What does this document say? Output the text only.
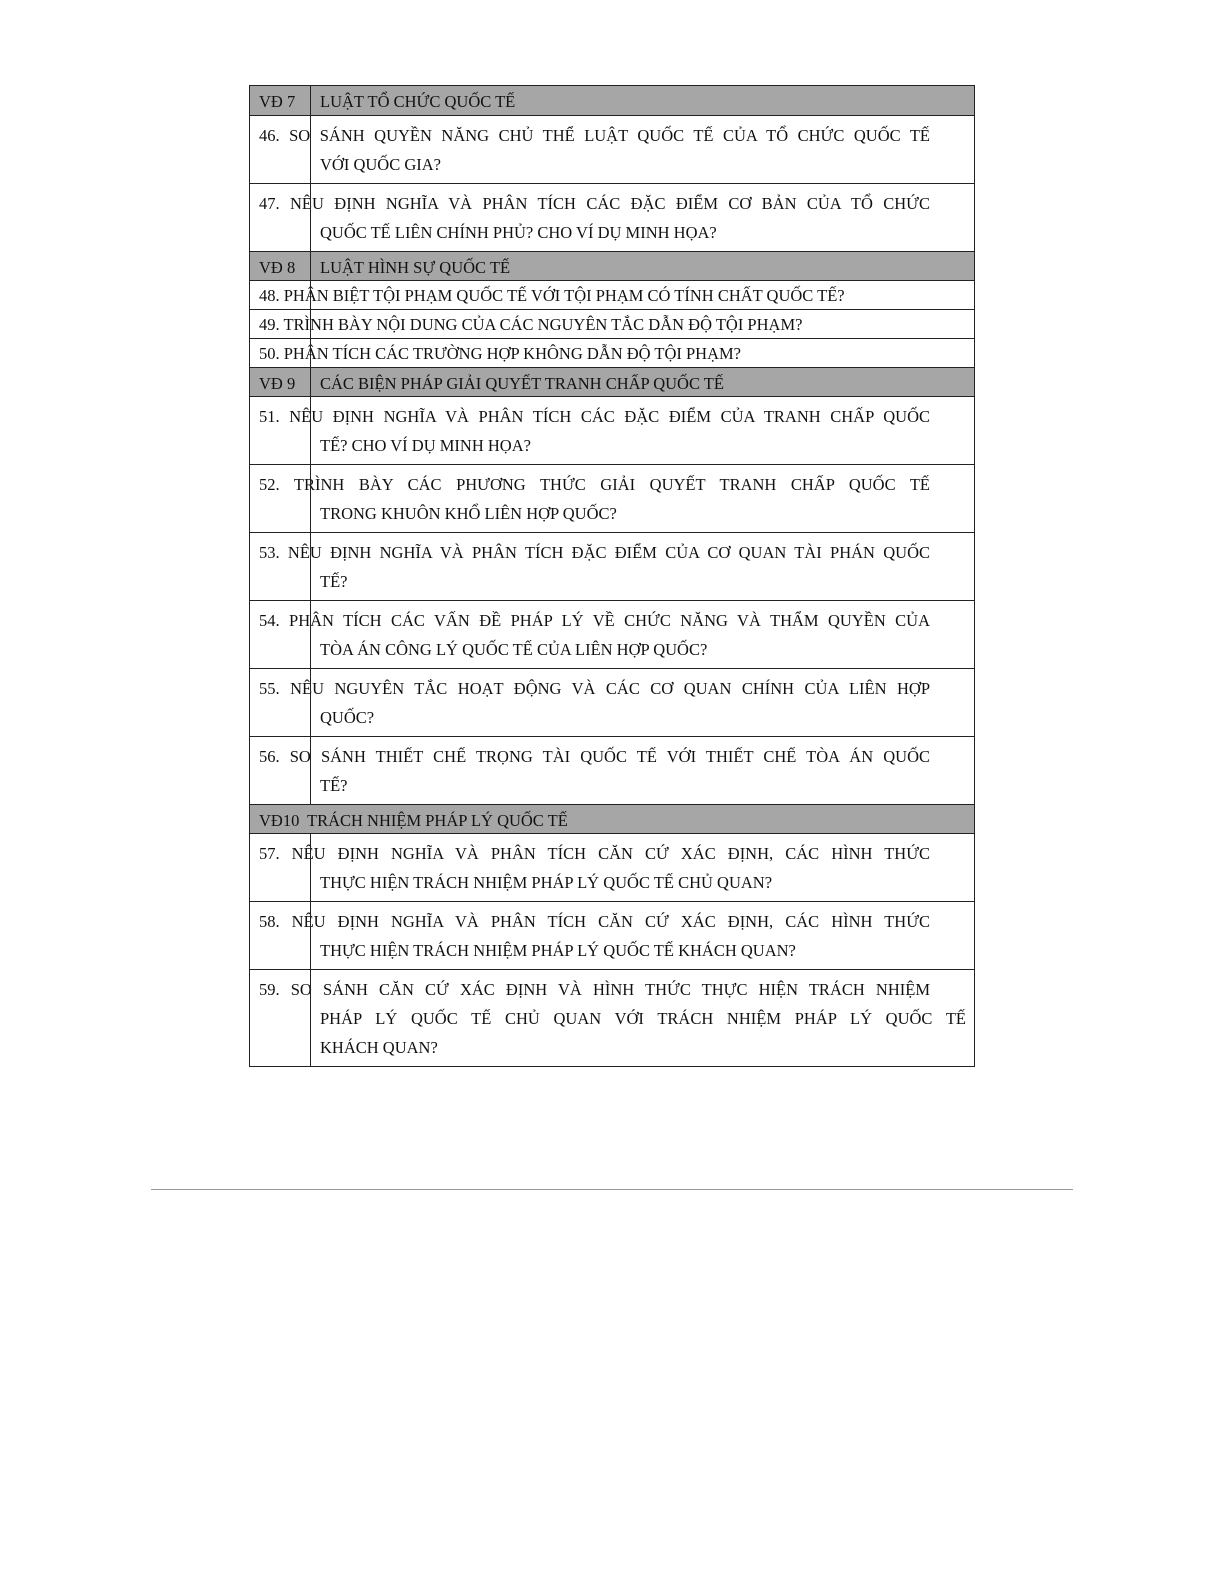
VĐ 7 LUẬT TỔ CHỨC QUỐC TẾ
46. SO SÁNH QUYỀN NĂNG CHỦ THỂ LUẬT QUỐC TẾ CỦA TỔ CHỨC QUỐC TẾ
VỚI QUỐC GIA?
47. NÊU ĐỊNH NGHĨA VÀ PHÂN TÍCH CÁC ĐẶC ĐIỂM CƠ BẢN CỦA TỔ CHỨC
QUỐC TẾ LIÊN CHÍNH PHỦ? CHO VÍ DỤ MINH HỌA?
VĐ 8 LUẬT HÌNH SỰ QUỐC TẾ
48. PHÂN BIỆT TỘI PHẠM QUỐC TẾ VỚI TỘI PHẠM CÓ TÍNH CHẤT QUỐC TẾ?
49. TRÌNH BÀY NỘI DUNG CỦA CÁC NGUYÊN TẮC DẪN ĐỘ TỘI PHẠM?
50. PHÂN TÍCH CÁC TRƯỜNG HỢP KHÔNG DẪN ĐỘ TỘI PHẠM?
VĐ 9 CÁC BIỆN PHÁP GIẢI QUYẾT TRANH CHẤP QUỐC TẾ
51. NÊU ĐỊNH NGHĨA VÀ PHÂN TÍCH CÁC ĐẶC ĐIỂM CỦA TRANH CHẤP QUỐC
TẾ? CHO VÍ DỤ MINH HỌA?
52. TRÌNH BÀY CÁC PHƯƠNG THỨC GIẢI QUYẾT TRANH CHẤP QUỐC TẾ
TRONG KHUÔN KHỔ LIÊN HỢP QUỐC?
53. NÊU ĐỊNH NGHĨA VÀ PHÂN TÍCH ĐẶC ĐIỂM CỦA CƠ QUAN TÀI PHÁN QUỐC
TẾ?
54. PHÂN TÍCH CÁC VẤN ĐỀ PHÁP LÝ VỀ CHỨC NĂNG VÀ THẨM QUYỀN CỦA
TÒA ÁN CÔNG LÝ QUỐC TẾ CỦA LIÊN HỢP QUỐC?
55. NÊU NGUYÊN TẮC HOẠT ĐỘNG VÀ CÁC CƠ QUAN CHÍNH CỦA LIÊN HỢP
QUỐC?
56. SO SÁNH THIẾT CHẾ TRỌNG TÀI QUỐC TẾ VỚI THIẾT CHẾ TÒA ÁN QUỐC
TẾ?
VĐ10 TRÁCH NHIỆM PHÁP LÝ QUỐC TẾ
57. NÊU ĐỊNH NGHĨA VÀ PHÂN TÍCH CĂN CỨ XÁC ĐỊNH, CÁC HÌNH THỨC
THỰC HIỆN TRÁCH NHIỆM PHÁP LÝ QUỐC TẾ CHỦ QUAN?
58. NÊU ĐỊNH NGHĨA VÀ PHÂN TÍCH CĂN CỨ XÁC ĐỊNH, CÁC HÌNH THỨC
THỰC HIỆN TRÁCH NHIỆM PHÁP LÝ QUỐC TẾ KHÁCH QUAN?
59. SO SÁNH CĂN CỨ XÁC ĐỊNH VÀ HÌNH THỨC THỰC HIỆN TRÁCH NHIỆM
PHÁP LÝ QUỐC TẾ CHỦ QUAN VỚI TRÁCH NHIỆM PHÁP LÝ QUỐC TẾ
KHÁCH QUAN?
